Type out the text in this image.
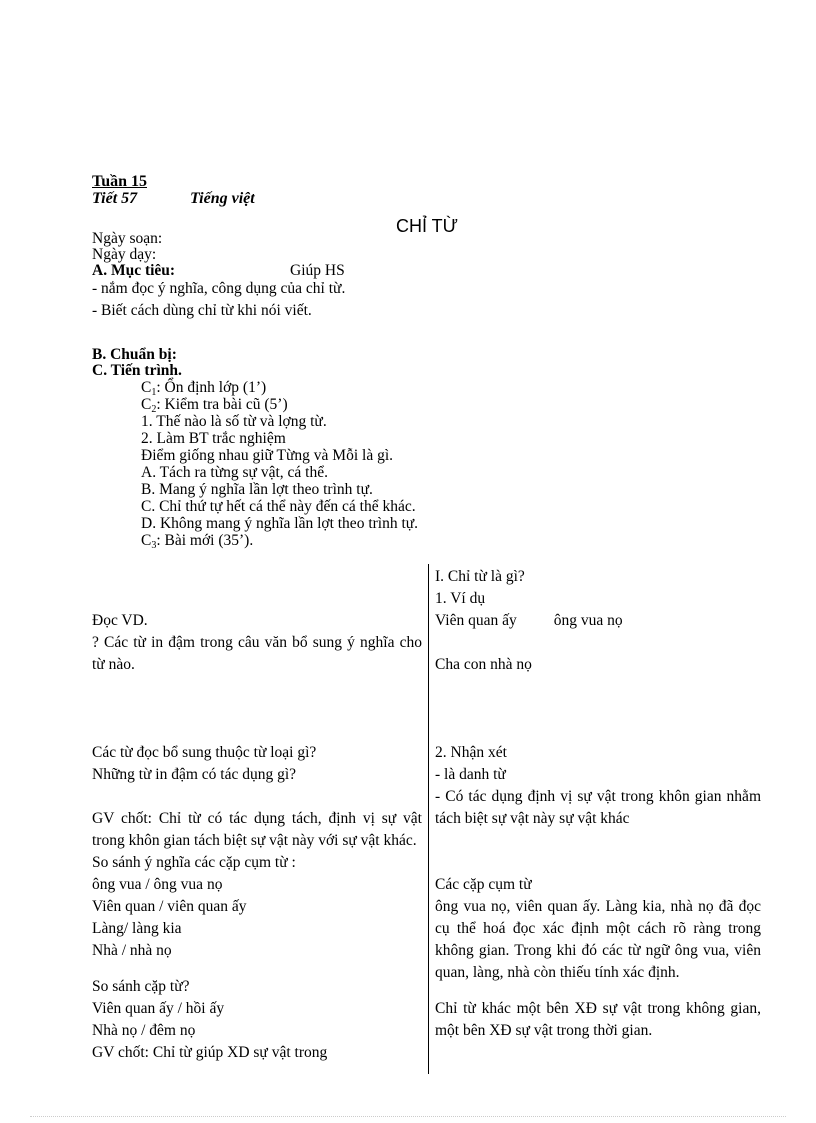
Tuần 15
Tiết 57	Tiếng việt
CHỈ TỪ
Ngày soạn:
Ngày dạy:
A. Mục tiêu:	Giúp HS
- nắm đọc ý nghĩa, công dụng của chỉ từ.
- Biết cách dùng chỉ từ khi nói viết.
B. Chuẩn bị:
C. Tiến trình.
$C_1$: Ổn định lớp (1’)
$C_2$: Kiểm tra bài cũ (5’)
1. Thế nào là số từ và lợng từ.
2. Làm BT trắc nghiệm
Điểm giống nhau giữ Từng và Mỗi là gì.
A. Tách ra từng sự vật, cá thể.
B. Mang ý nghĩa lần lợt theo trình tự.
C. Chỉ thứ tự hết cá thể này đến cá thể khác.
D. Không mang ý nghĩa lần lợt theo trình tự.
$C_3$: Bài mới (35’).

Đọc VD.

? Các từ in đậm trong câu văn bổ sung ý nghĩa cho từ nào.

Các từ đọc bổ sung thuộc từ loại gì?

Những từ in đậm có tác dụng gì?

GV chốt: Chỉ từ có tác dụng tách, định vị sự vật trong khôn gian tách biệt sự vật này với sự vật khác.

So sánh ý nghĩa các cặp cụm từ :

ông vua / ông vua nọ

Viên quan / viên quan ấy

Làng/ làng kia

Nhà / nhà nọ

So sánh cặp từ?

Viên quan ấy / hồi ấy

Nhà nọ / đêm nọ

GV chốt: Chỉ từ giúp XD sự vật trong

I. Chỉ từ là gì?

1. Ví dụ

Viên quan ấy ông vua nọ

Cha con nhà nọ

2. Nhận xét

- là danh từ

- Có tác dụng định vị sự vật trong khôn gian nhằm tách biệt sự vật này sự vật khác

Các cặp cụm từ

ông vua nọ, viên quan ấy. Làng kia, nhà nọ đã đọc cụ thể hoá đọc xác định một cách rõ ràng trong không gian. Trong khi đó các từ ngữ ông vua, viên quan, làng, nhà còn thiếu tính xác định.

Chỉ từ khác một bên XĐ sự vật trong không gian, một bên XĐ sự vật trong thời gian.
